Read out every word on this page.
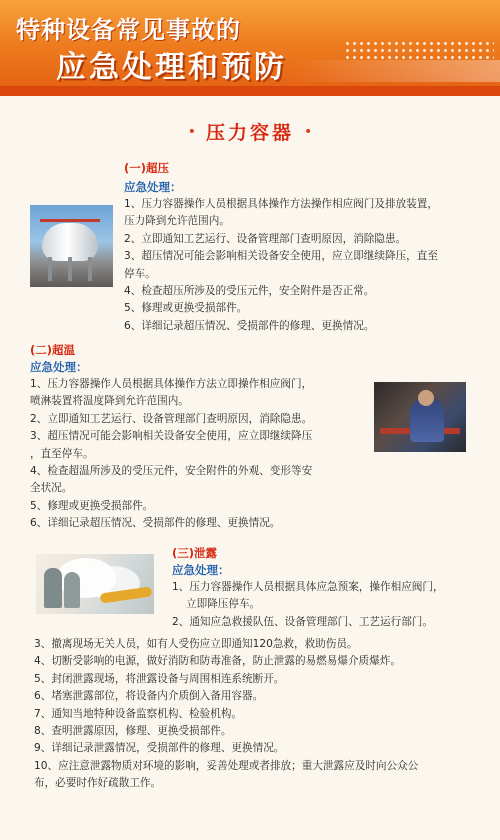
特种设备常见事故的
应急处理和预防
• 压力容器 •
(一)超压
应急处理：
1、压力容器操作人员根据具体操作方法操作相应阀门及排放装置，
压力降到允许范围内。
2、立即通知工艺运行、设备管理部门查明原因，消除隐患。
3、超压情况可能会影响相关设备安全使用，应立即继续降压，直至
停车。
4、检查超压所涉及的受压元件，安全附件是否正常。
5、修理或更换受损部件。
6、详细记录超压情况、受损部件的修理、更换情况。
(二)超温
应急处理：
1、压力容器操作人员根据具体操作方法立即操作相应阀门，
喷淋装置将温度降到允许范围内。
2、立即通知工艺运行、设备管理部门查明原因，消除隐患。
3、超压情况可能会影响相关设备安全使用，应立即继续降压
，直至停车。
4、检查超温所涉及的受压元件，安全附件的外观、变形等安
全状况。
5、修理或更换受损部件。
6、详细记录超压情况、受损部件的修理、更换情况。
(三)泄露
应急处理：
1、压力容器操作人员根据具体应急预案，操作相应阀门，
立即降压停车。
2、通知应急救援队伍、设备管理部门、工艺运行部门。
3、撤离现场无关人员，如有人受伤应立即通知120急救，救助伤员。
4、切断受影响的电源，做好消防和防毒准备，防止泄露的易燃易爆介质爆炸。
5、封闭泄露现场，将泄露设备与周围相连系统断开。
6、堵塞泄露部位，将设备内介质倒入备用容器。
7、通知当地特种设备监察机构、检验机构。
8、查明泄露原因，修理、更换受损部件。
9、详细记录泄露情况，受损部件的修理、更换情况。
10、应注意泄露物质对环境的影响，妥善处理或者排放；重大泄露应及时向公众公
布，必要时作好疏散工作。
